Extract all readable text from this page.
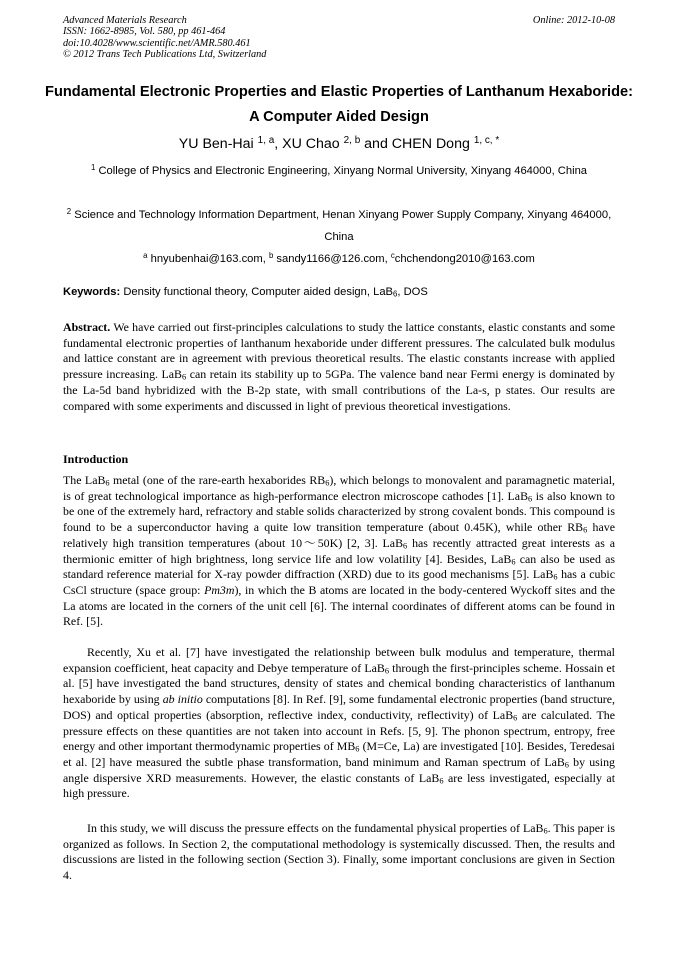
Advanced Materials Research
ISSN: 1662-8985, Vol. 580, pp 461-464
doi:10.4028/www.scientific.net/AMR.580.461
© 2012 Trans Tech Publications Ltd, Switzerland
Online: 2012-10-08
Fundamental Electronic Properties and Elastic Properties of Lanthanum Hexaboride: A Computer Aided Design
YU Ben-Hai $^{1, a}$, XU Chao $^{2, b}$ and CHEN Dong $^{1, c, *}$
$^1$ College of Physics and Electronic Engineering, Xinyang Normal University, Xinyang 464000, China
$^2$ Science and Technology Information Department, Henan Xinyang Power Supply Company, Xinyang 464000, China
$^a$ hnyubenhai@163.com, $^b$ sandy1166@126.com, $^c$chchendong2010@163.com
Keywords: Density functional theory, Computer aided design, LaB$_6$, DOS

Abstract. We have carried out first-principles calculations to study the lattice constants, elastic constants and some fundamental electronic properties of lanthanum hexaboride under different pressures. The calculated bulk modulus and lattice constant are in agreement with previous theoretical results. The elastic constants increase with applied pressure increasing. LaB$_6$ can retain its stability up to 5GPa. The valence band near Fermi energy is dominated by the La-5d band hybridized with the B-2p state, with small contributions of the La-s, p states. Our results are compared with some experiments and discussed in light of previous theoretical investigations.

Introduction

The LaB$_6$ metal (one of the rare-earth hexaborides $RB_6$), which belongs to monovalent and paramagnetic material, is of great technological importance as high-performance electron microscope cathodes [1]. LaB$_6$ is also known to be one of the extremely hard, refractory and stable solids characterized by strong covalent bonds. This compound is found to be a superconductor having a quite low transition temperature (about 0.45K), while other $RB_6$ have relatively high transition temperatures (about 10～50K) [2, 3]. LaB$_6$ has recently attracted great interests as a thermionic emitter of high brightness, long service life and low volatility [4]. Besides, LaB$_6$ can also be used as standard reference material for X-ray powder diffraction (XRD) due to its good mechanisms [5]. LaB$_6$ has a cubic CsCl structure (space group: Pm3m), in which the B atoms are located in the body-centered Wyckoff sites and the La atoms are located in the corners of the unit cell [6]. The internal coordinates of different atoms can be found in Ref. [5].

Recently, Xu et al. [7] have investigated the relationship between bulk modulus and temperature, thermal expansion coefficient, heat capacity and Debye temperature of LaB$_6$ through the first-principles scheme. Hossain et al. [5] have investigated the band structures, density of states and chemical bonding characteristics of lanthanum hexaboride by using ab initio computations [8]. In Ref. [9], some fundamental electronic properties (band structure, DOS) and optical properties (absorption, reflective index, conductivity, reflectivity) of LaB$_6$ are calculated. The pressure effects on these quantities are not taken into account in Refs. [5, 9]. The phonon spectrum, entropy, free energy and other important thermodynamic properties of $MB_6$ (M=Ce, La) are investigated [10]. Besides, Teredesai et al. [2] have measured the subtle phase transformation, band minimum and Raman spectrum of LaB$_6$ by using angle dispersive XRD measurements. However, the elastic constants of LaB$_6$ are less investigated, especially at high pressure.

In this study, we will discuss the pressure effects on the fundamental physical properties of LaB$_6$. This paper is organized as follows. In Section 2, the computational methodology is systemically discussed. Then, the results and discussions are listed in the following section (Section 3). Finally, some important conclusions are given in Section 4.
